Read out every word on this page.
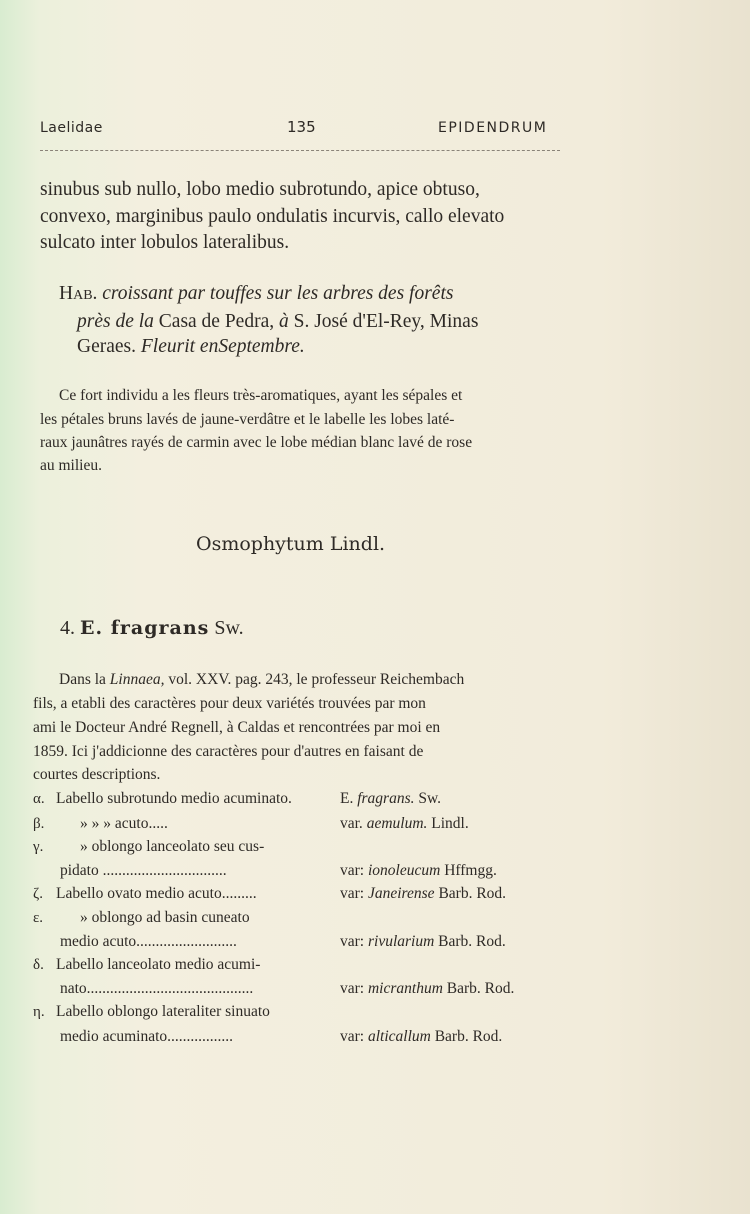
Laelidae	135	EPIDENDRUM
sinubus sub nullo, lobo medio subrotundo, apice obtuso,
convexo, marginibus paulo ondulatis incurvis, callo elevato
sulcato inter lobulos lateralibus.
Hab. croissant par touffes sur les arbres des forêts
près de la Casa de Pedra, à S. José d'El-Rey, Minas
Geraes. Fleurit enSeptembre.
Ce fort individu a les fleurs très-aromatiques, ayant les sépales et
les pétales bruns lavés de jaune-verdâtre et le labelle les lobes laté-
raux jaunâtres rayés de carmin avec le lobe médian blanc lavé de rose
au milieu.
Osmophytum Lindl.
4. E. fragrans Sw.
Dans la Linnaea, vol. XXV. pag. 243, le professeur Reichembach
fils, a etabli des caractères pour deux variétés trouvées par mon
ami le Docteur André Regnell, à Caldas et rencontrées par moi en
1859. Ici j'addicionne des caractères pour d'autres en faisant de
courtes descriptions.
α. Labello subrotundo medio acuminato.	E. fragrans. Sw.
β. » » » acuto.....	var. aemulum. Lindl.
γ. » oblongo lanceolato seu cus-
pidato ................................	var: ionoleucum Hffmgg.
ζ. Labello ovato medio acuto.........	var: Janeirense Barb. Rod.
ε. » oblongo ad basin cuneato
medio acuto..........................	var: rivularium Barb. Rod.
δ. Labello lanceolato medio acumi-
nato...........................................	var: micranthum Barb. Rod.
η. Labello oblongo lateraliter sinuato
medio acuminato.................	var: alticallum Barb. Rod.
